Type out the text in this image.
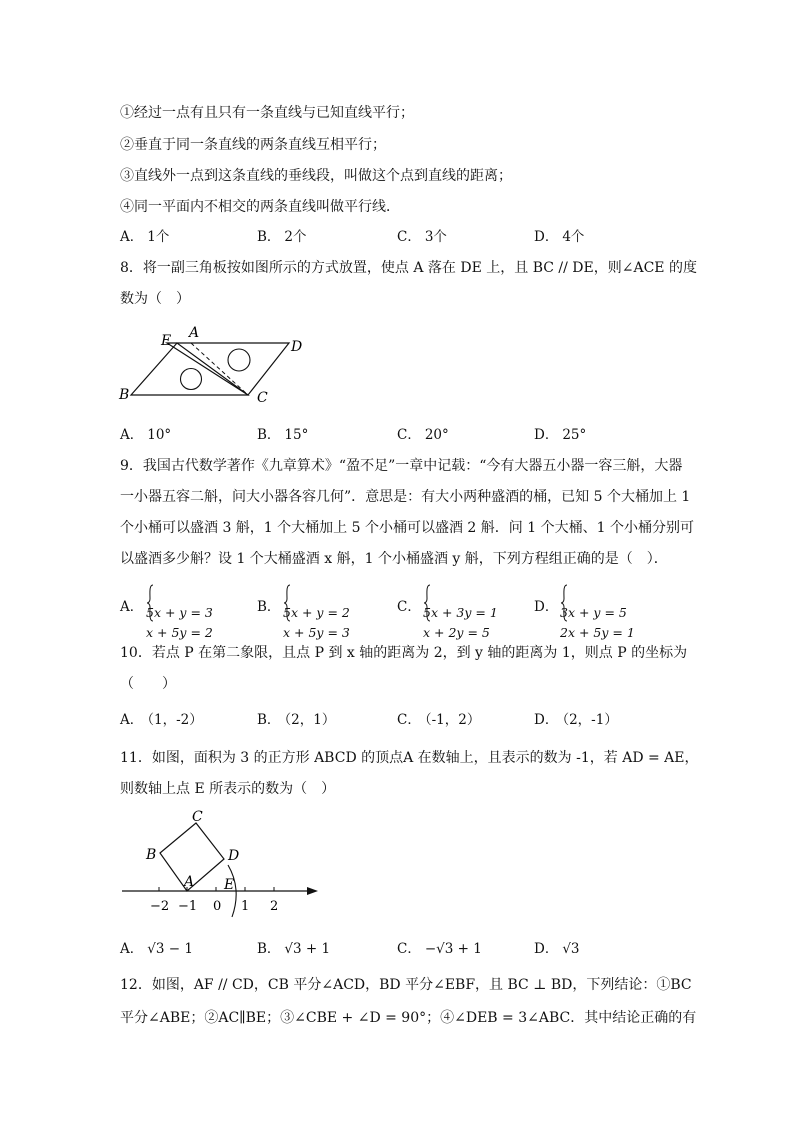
①经过一点有且只有一条直线与已知直线平行；
②垂直于同一条直线的两条直线互相平行；
③直线外一点到这条直线的垂线段，叫做这个点到直线的距离；
④同一平面内不相交的两条直线叫做平行线．
A． 1个	B． 2个	C． 3个	D． 4个
8．将一副三角板按如图所示的方式放置，使点 A 落在 DE 上，且 BC // DE，则∠ACE 的度
数为（　）
E A
D
B	C
A． 10°	B． 15°	C． 20°	D． 25°
9．我国古代数学著作《九章算术》“盈不足”一章中记载：“今有大器五小器一容三斛，大器
一小器五容二斛，问大小器各容几何”．意思是：有大小两种盛酒的桶，已知 5 个大桶加上 1
个小桶可以盛酒 3 斛，1 个大桶加上 5 个小桶可以盛酒 2 斛．问 1 个大桶、1 个小桶分别可
以盛酒多少斛？设 1 个大桶盛酒 x 斛，1 个小桶盛酒 y 斛，下列方程组正确的是（　）．
A． 5x + y = 3
x + 5y = 2
B． 5x + y = 2
x + 5y = 3
C． 5x + 3y = 1
x + 2y = 5
D． 3x + y = 5
2x + 5y = 1
10．若点 P 在第二象限，且点 P 到 x 轴的距离为 2，到 y 轴的距离为 1，则点 P 的坐标为
（　　）
A． （1，-2）	B． （2，1）	C． （-1，2）	D． （2，-1）
11．如图，面积为 3 的正方形 ABCD 的顶点A 在数轴上，且表示的数为 -1，若 AD = AE，
则数轴上点 E 所表示的数为（　）
C
B	D
A E
−2 −1 0 1 2
A． √3 − 1	B． √3 + 1	C． −√3 + 1	D． √3
12．如图，AF // CD，CB 平分∠ACD，BD 平分∠EBF，且 BC ⊥ BD，下列结论：①BC
平分∠ABE；②AC∥BE；③∠CBE + ∠D = 90°；④∠DEB = 3∠ABC．其中结论正确的有
